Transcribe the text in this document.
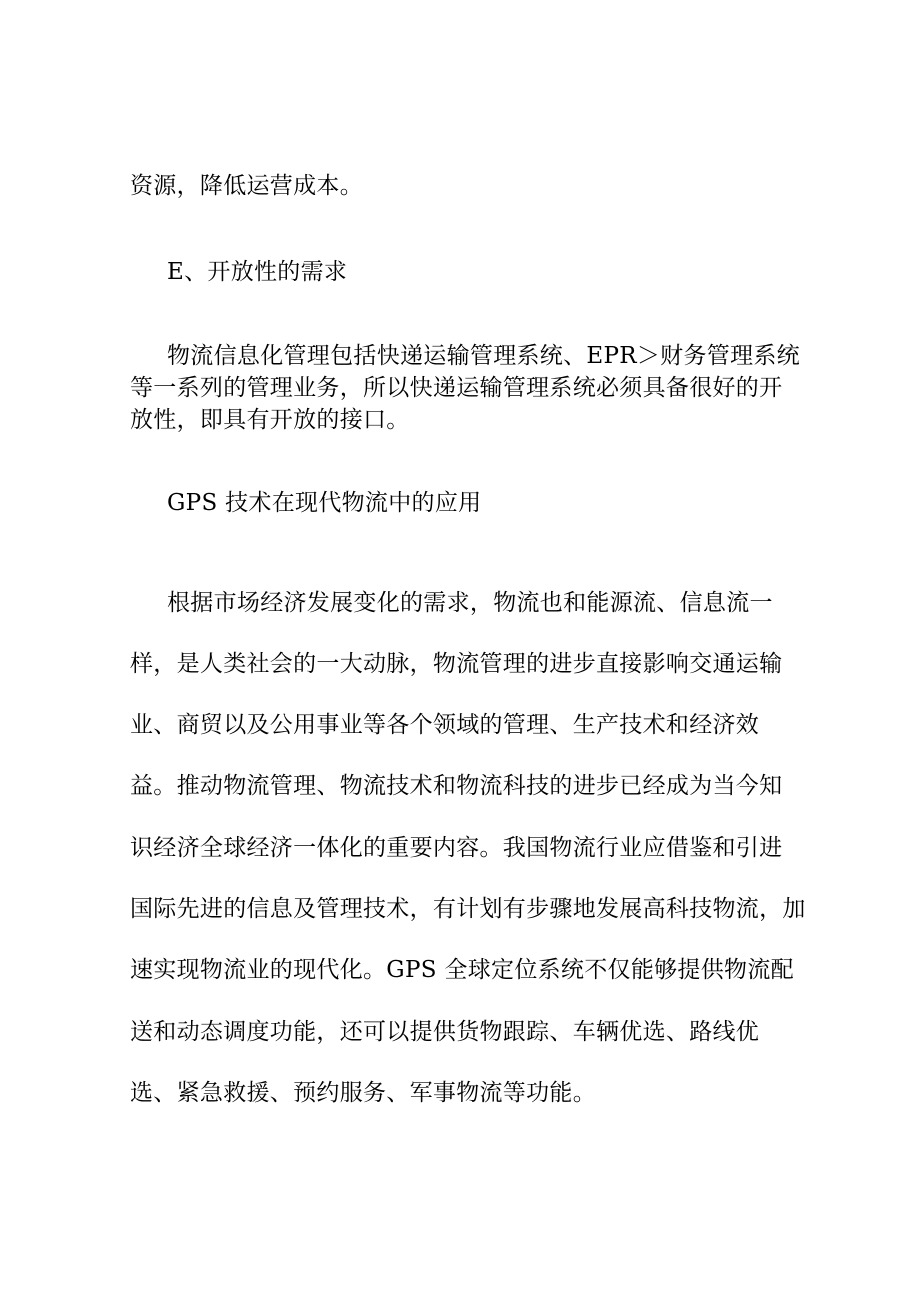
资源，降低运营成本。
E、开放性的需求
物流信息化管理包括快递运输管理系统、EPR＞财务管理系统
等一系列的管理业务，所以快递运输管理系统必须具备很好的开
放性，即具有开放的接口。
GPS 技术在现代物流中的应用
根据市场经济发展变化的需求，物流也和能源流、信息流一
样，是人类社会的一大动脉，物流管理的进步直接影响交通运输
业、商贸以及公用事业等各个领域的管理、生产技术和经济效
益。推动物流管理、物流技术和物流科技的进步已经成为当今知
识经济全球经济一体化的重要内容。我国物流行业应借鉴和引进
国际先进的信息及管理技术，有计划有步骤地发展高科技物流，加
速实现物流业的现代化。GPS 全球定位系统不仅能够提供物流配
送和动态调度功能，还可以提供货物跟踪、车辆优选、路线优
选、紧急救援、预约服务、军事物流等功能。
